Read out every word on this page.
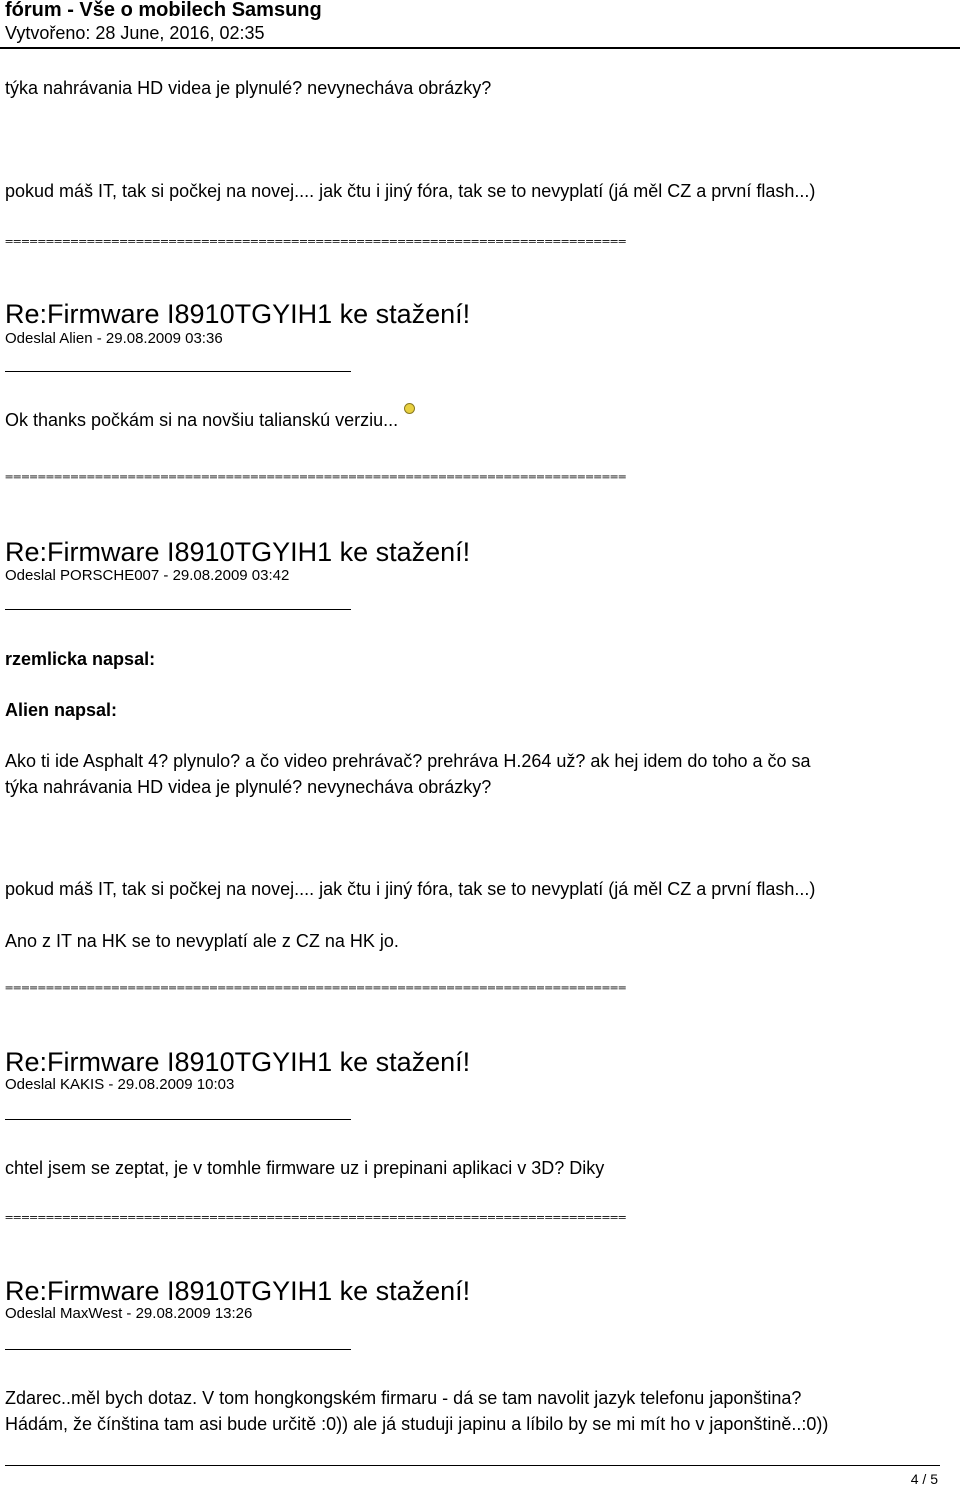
fórum - Vše o mobilech Samsung
Vytvořeno: 28 June, 2016, 02:35
týka nahrávania HD videa je plynulé? nevynecháva obrázky?
pokud máš IT, tak si počkej na novej.... jak čtu i jiný fóra, tak se to nevyplatí (já měl CZ a první flash...)
============================================================================
Re:Firmware I8910TGYIH1 ke stažení!
Odeslal Alien - 29.08.2009 03:36
Ok thanks počkám si na novšiu talianskú verziu...
============================================================================
Re:Firmware I8910TGYIH1 ke stažení!
Odeslal PORSCHE007 - 29.08.2009 03:42
rzemlicka napsal:
Alien napsal:
Ako ti ide Asphalt 4? plynulo? a čo video prehrávač? prehráva H.264 už? ak hej idem do toho a čo sa
týka nahrávania HD videa je plynulé? nevynecháva obrázky?
pokud máš IT, tak si počkej na novej.... jak čtu i jiný fóra, tak se to nevyplatí (já měl CZ a první flash...)
Ano z IT na HK se to nevyplatí ale z CZ na HK jo.
============================================================================
Re:Firmware I8910TGYIH1 ke stažení!
Odeslal KAKIS - 29.08.2009 10:03
chtel jsem se zeptat, je v tomhle firmware uz i prepinani aplikaci v 3D? Diky
============================================================================
Re:Firmware I8910TGYIH1 ke stažení!
Odeslal MaxWest - 29.08.2009 13:26
Zdarec..měl bych dotaz. V tom hongkongském firmaru - dá se tam navolit jazyk telefonu japonština?
Hádám, že čínština tam asi bude určitě :0)) ale já studuji japinu a líbilo by se mi mít ho v japonštině..:0))
4 / 5
